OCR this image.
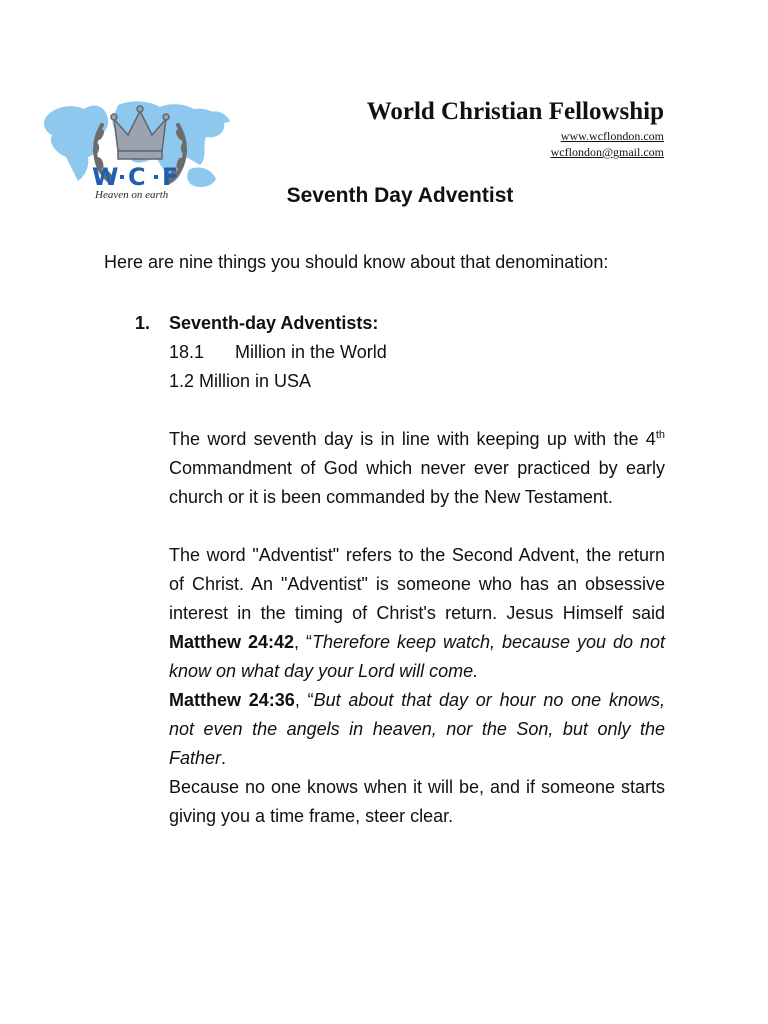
W C F
Heaven on earth
World Christian Fellowship
www.wcflondon.com
wcflondon@gmail.com
Seventh Day Adventist
Here are nine things you should know about that denomination:
1.	Seventh-day Adventists:
18.1	Million in the World
1.2 Million in USA
The word seventh day is in line with keeping up with the 4th Commandment of God which never ever practiced by early church or it is been commanded by the New Testament.
The word "Adventist" refers to the Second Advent, the return of Christ. An "Adventist" is someone who has an obsessive interest in the timing of Christ's return. Jesus Himself said Matthew 24:42, “Therefore keep watch, because you do not know on what day your Lord will come.
Matthew 24:36, “But about that day or hour no one knows, not even the angels in heaven, nor the Son, but only the Father.
Because no one knows when it will be, and if someone starts giving you a time frame, steer clear.
